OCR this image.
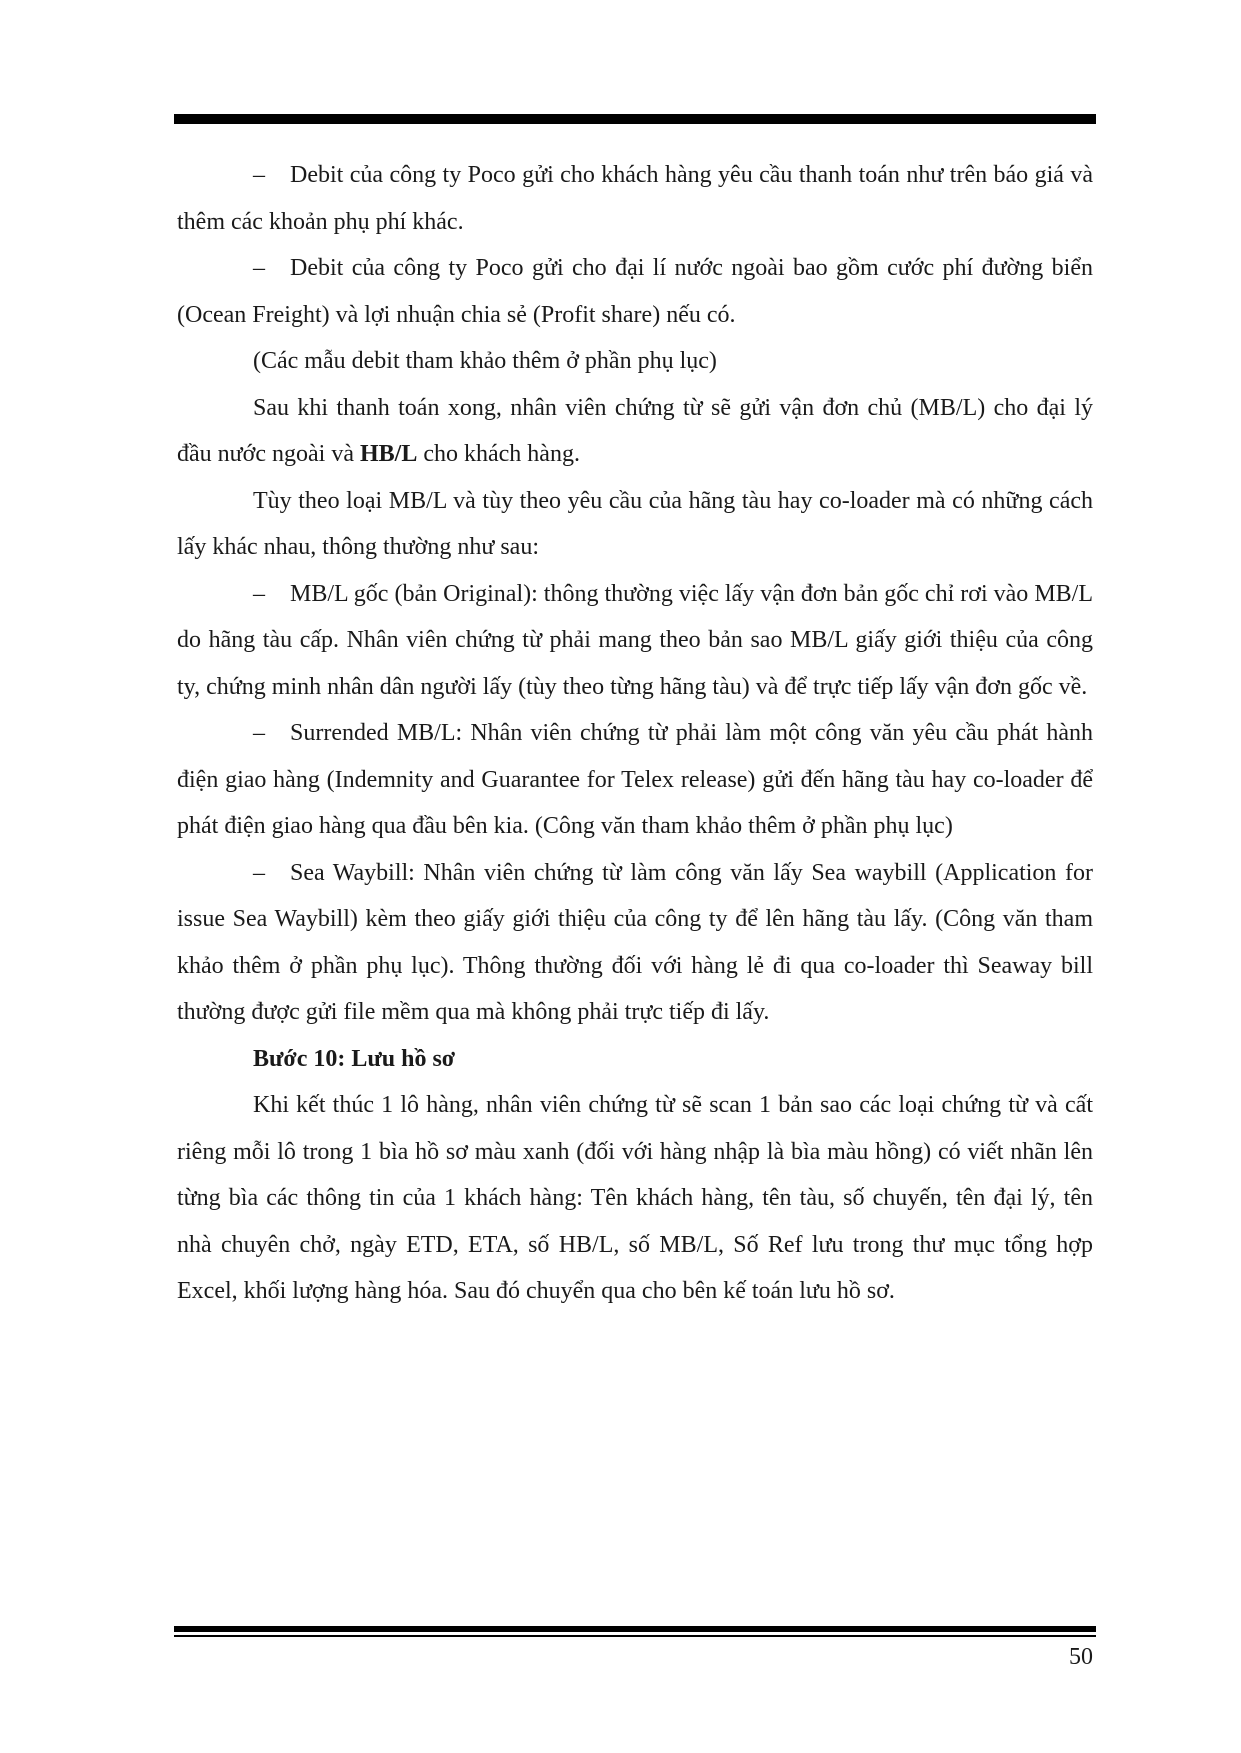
– Debit của công ty Poco gửi cho khách hàng yêu cầu thanh toán như trên báo giá và thêm các khoản phụ phí khác.

– Debit của công ty Poco gửi cho đại lí nước ngoài bao gồm cước phí đường biển (Ocean Freight) và lợi nhuận chia sẻ (Profit share) nếu có.

(Các mẫu debit tham khảo thêm ở phần phụ lục)

Sau khi thanh toán xong, nhân viên chứng từ sẽ gửi vận đơn chủ (MB/L) cho đại lý đầu nước ngoài và HB/L cho khách hàng.

Tùy theo loại MB/L và tùy theo yêu cầu của hãng tàu hay co-loader mà có những cách lấy khác nhau, thông thường như sau:

– MB/L gốc (bản Original): thông thường việc lấy vận đơn bản gốc chỉ rơi vào MB/L do hãng tàu cấp. Nhân viên chứng từ phải mang theo bản sao MB/L giấy giới thiệu của công ty, chứng minh nhân dân người lấy (tùy theo từng hãng tàu) và để trực tiếp lấy vận đơn gốc về.

– Surrended MB/L: Nhân viên chứng từ phải làm một công văn yêu cầu phát hành điện giao hàng (Indemnity and Guarantee for Telex release) gửi đến hãng tàu hay co-loader để phát điện giao hàng qua đầu bên kia. (Công văn tham khảo thêm ở phần phụ lục)

– Sea Waybill: Nhân viên chứng từ làm công văn lấy Sea waybill (Application for issue Sea Waybill) kèm theo giấy giới thiệu của công ty để lên hãng tàu lấy. (Công văn tham khảo thêm ở phần phụ lục). Thông thường đối với hàng lẻ đi qua co-loader thì Seaway bill thường được gửi file mềm qua mà không phải trực tiếp đi lấy.

Bước 10: Lưu hồ sơ

Khi kết thúc 1 lô hàng, nhân viên chứng từ sẽ scan 1 bản sao các loại chứng từ và cất riêng mỗi lô trong 1 bìa hồ sơ màu xanh (đối với hàng nhập là bìa màu hồng) có viết nhãn lên từng bìa các thông tin của 1 khách hàng: Tên khách hàng, tên tàu, số chuyến, tên đại lý, tên nhà chuyên chở, ngày ETD, ETA, số HB/L, số MB/L, Số Ref lưu trong thư mục tổng hợp Excel, khối lượng hàng hóa. Sau đó chuyển qua cho bên kế toán lưu hồ sơ.

50
